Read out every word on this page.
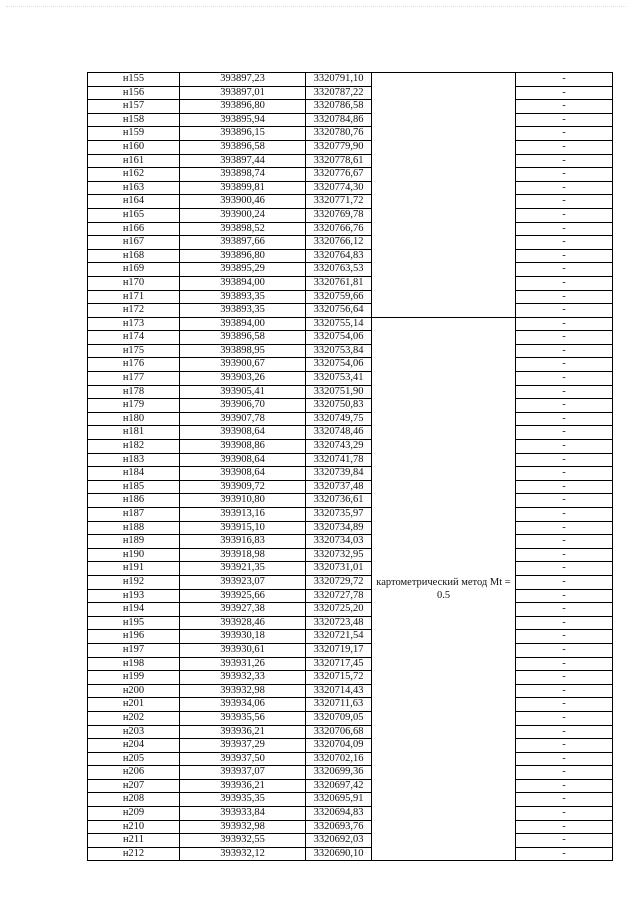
н155	393897,23	3320791,10		-
н156	393897,01	3320787,22		-
н157	393896,80	3320786,58		-
н158	393895,94	3320784,86		-
н159	393896,15	3320780,76		-
н160	393896,58	3320779,90		-
н161	393897,44	3320778,61		-
н162	393898,74	3320776,67		-
н163	393899,81	3320774,30		-
н164	393900,46	3320771,72		-
н165	393900,24	3320769,78		-
н166	393898,52	3320766,76		-
н167	393897,66	3320766,12		-
н168	393896,80	3320764,83		-
н169	393895,29	3320763,53		-
н170	393894,00	3320761,81		-
н171	393893,35	3320759,66		-
н172	393893,35	3320756,64		-
н173	393894,00	3320755,14	картометрический метод Mt = 0.5	-
н174	393896,58	3320754,06		-
н175	393898,95	3320753,84		-
н176	393900,67	3320754,06		-
н177	393903,26	3320753,41		-
н178	393905,41	3320751,90		-
н179	393906,70	3320750,83		-
н180	393907,78	3320749,75		-
н181	393908,64	3320748,46		-
н182	393908,86	3320743,29		-
н183	393908,64	3320741,78		-
н184	393908,64	3320739,84		-
н185	393909,72	3320737,48		-
н186	393910,80	3320736,61		-
н187	393913,16	3320735,97		-
н188	393915,10	3320734,89		-
н189	393916,83	3320734,03		-
н190	393918,98	3320732,95		-
н191	393921,35	3320731,01		-
н192	393923,07	3320729,72		-
н193	393925,66	3320727,78		-
н194	393927,38	3320725,20		-
н195	393928,46	3320723,48		-
н196	393930,18	3320721,54		-
н197	393930,61	3320719,17		-
н198	393931,26	3320717,45		-
н199	393932,33	3320715,72		-
н200	393932,98	3320714,43		-
н201	393934,06	3320711,63		-
н202	393935,56	3320709,05		-
н203	393936,21	3320706,68		-
н204	393937,29	3320704,09		-
н205	393937,50	3320702,16		-
н206	393937,07	3320699,36		-
н207	393936,21	3320697,42		-
н208	393935,35	3320695,91		-
н209	393933,84	3320694,83		-
н210	393932,98	3320693,76		-
н211	393932,55	3320692,03		-
н212	393932,12	3320690,10		-
